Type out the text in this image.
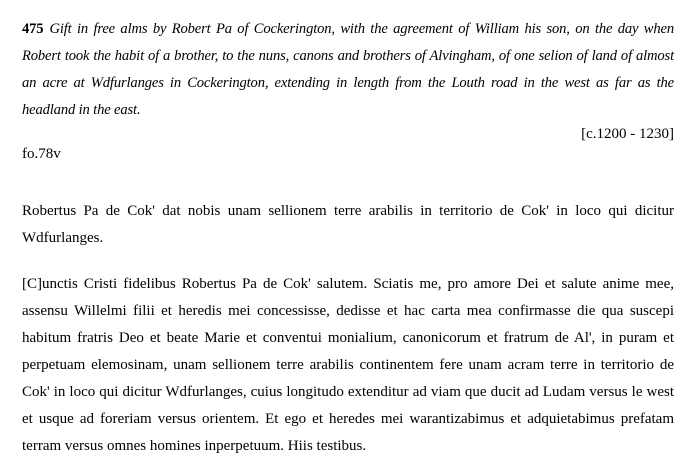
475 Gift in free alms by Robert Pa of Cockerington, with the agreement of William his son, on the day when Robert took the habit of a brother, to the nuns, canons and brothers of Alvingham, of one selion of land of almost an acre at Wdfurlanges in Cockerington, extending in length from the Louth road in the west as far as the headland in the east.

[c.1200 - 1230]

fo.78v

Robertus Pa de Cok' dat nobis unam sellionem terre arabilis in territorio de Cok' in loco qui dicitur Wdfurlanges.

[C]unctis Cristi fidelibus Robertus Pa de Cok' salutem. Sciatis me, pro amore Dei et salute anime mee, assensu Willelmi filii et heredis mei concessisse, dedisse et hac carta mea confirmasse die qua suscepi habitum fratris Deo et beate Marie et conventui monialium, canonicorum et fratrum de Al', in puram et perpetuam elemosinam, unam sellionem terre arabilis continentem fere unam acram terre in territorio de Cok' in loco qui dicitur Wdfurlanges, cuius longitudo extenditur ad viam que ducit ad Ludam versus le west et usque ad foreriam versus orientem. Et ego et heredes mei warantizabimus et adquietabimus prefatam terram versus omnes homines inperpetuum. Hiis testibus.
